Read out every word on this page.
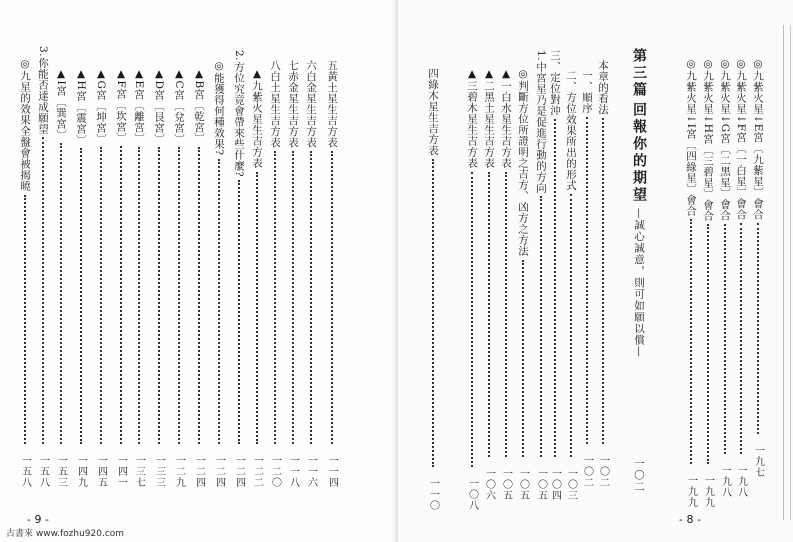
- 9 -
五黃土星生吉方表
一一四
六白金星生吉方表
一一六
七赤金星生吉方表
一一八
八白土星生吉方表
一二〇
▲九紫火星生吉方表
一二二
2.方位究竟會帶來些什麼?
一二四
◎能獲得何種效果?
一二四
▲B宮〔乾宮〕
一二四
▲C宮〔兌宮〕
一二九
▲D宮〔艮宮〕
一三三
▲E宮〔離宮〕
一三七
▲F宮〔坎宮〕
一四一
▲G宮〔坤宮〕
一四五
▲H宮〔震宮〕
一四九
▲I宮〔巽宮〕
一五三
3.你能否達成願望
一五八
◎九星的效果全盤會被揭曉
一五八
- 8 -
◎九紫火星↓E宮〔九紫星〕會合
一九七
◎九紫火星↓F宮〔一白星〕會合
一九八
◎九紫火星↓G宮〔二黑星〕會合
一九八
◎九紫火星↓H宮〔三碧星〕會合
一九九
◎九紫火星↓I宮〔四綠星〕會合
一九九
第三篇
回報你的期望
—誠心誠意，則可如願以償—
一〇二
本章的看法
一〇二
一、順序
一〇二
二、方位效果所出的形式
一〇三
三、定位對沖
一〇四
1.中宮星乃是促進行動的方向
一〇五
◎判斷方位所證明之吉方、凶方之方法
一〇五
▲一白水星生吉方表
一〇五
▲二黑土星生吉方表
一〇六
▲三碧木星生吉方表
一〇八
四綠木星生吉方表
一一〇
古書來 www.fozhu920.com
